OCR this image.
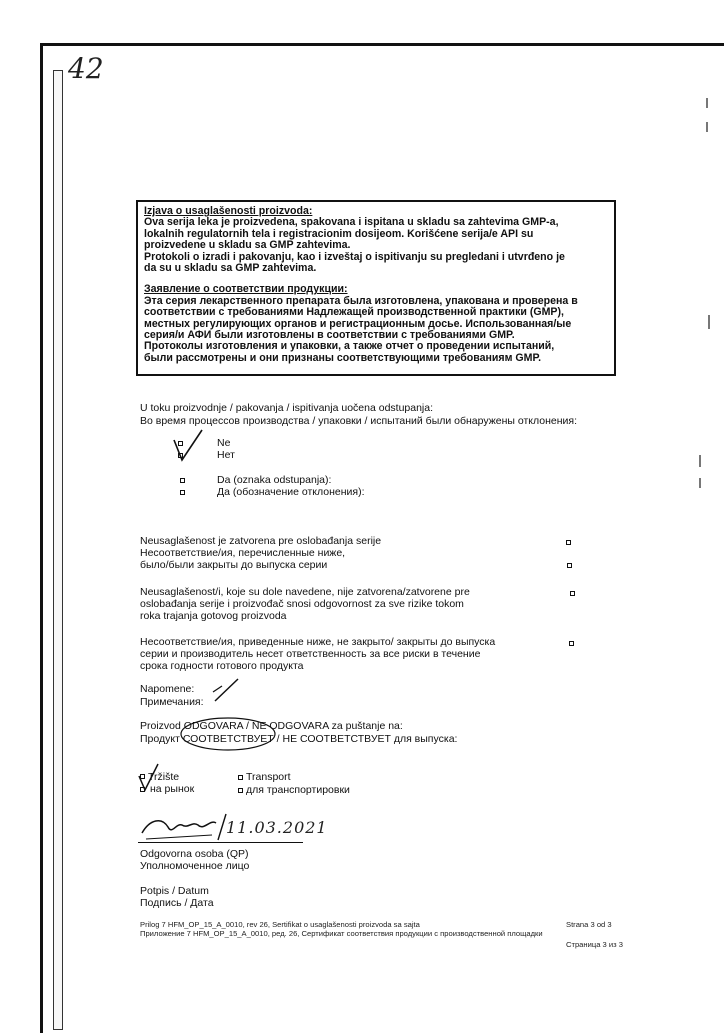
42
Izjava o usaglašenosti proizvoda:
Ova serija leka je proizvedena, spakovana i ispitana u skladu sa zahtevima GMP-a,
lokalnih regulatornih tela i registracionim dosijeom. Korišćene serija/e API su
proizvedene u skladu sa GMP zahtevima.
Protokoli o izradi i pakovanju, kao i izveštaj o ispitivanju su pregledani i utvrđeno je
da su u skladu sa GMP zahtevima.
Заявление о соответствии продукции:
Эта серия лекарственного препарата была изготовлена, упакована и проверена в
соответствии с требованиями Надлежащей производственной практики (GMP),
местных регулирующих органов и регистрационным досье. Использованная/ые
серия/и АФИ были изготовлены в соответствии с требованиями GMP.
Протоколы изготовления и упаковки, а также отчет о проведении испытаний,
были рассмотрены и они признаны соответствующими требованиям GMP.
U toku proizvodnje / pakovanja / ispitivanja uočena odstupanja:
Во время процессов производства / упаковки / испытаний были обнаружены отклонения:
Ne
Нет
Da (oznaka odstupanja):
Да (обозначение отклонения):
Neusaglašenost je zatvorena pre oslobađanja serije
Несоответствие/ия, перечисленные ниже,
было/были закрыты до выпуска серии
Neusaglašenost/i, koje su dole navedene, nije zatvorena/zatvorene pre
oslobađanja serije i proizvođač snosi odgovornost za sve rizike tokom
roka trajanja gotovog proizvoda
Несоответствие/ия, приведенные ниже, не закрыто/ закрыты до выпуска
серии и производитель несет ответственность за все риски в течение
срока годности готового продукта
Napomene:
Примечания:
Proizvod ODGOVARA / NE ODGOVARA za puštanje na:
Продукт СООТВЕТСТВУЕТ / НЕ СООТВЕТСТВУЕТ для выпуска:
Tržište
на рынок
Transport
для транспортировки
11.03.2021
Odgovorna osoba (QP)
Уполномоченное лицо
Potpis / Datum
Подпись / Дата
Prilog 7 HFM_OP_15_A_0010, rev 26, Sertifikat o usaglašenosti proizvoda sa sajta
Приложение 7 HFM_OP_15_A_0010, ред. 26, Сертификат соответствия продукции с производственной площадки
Strana 3 od 3
Страница 3 из 3
